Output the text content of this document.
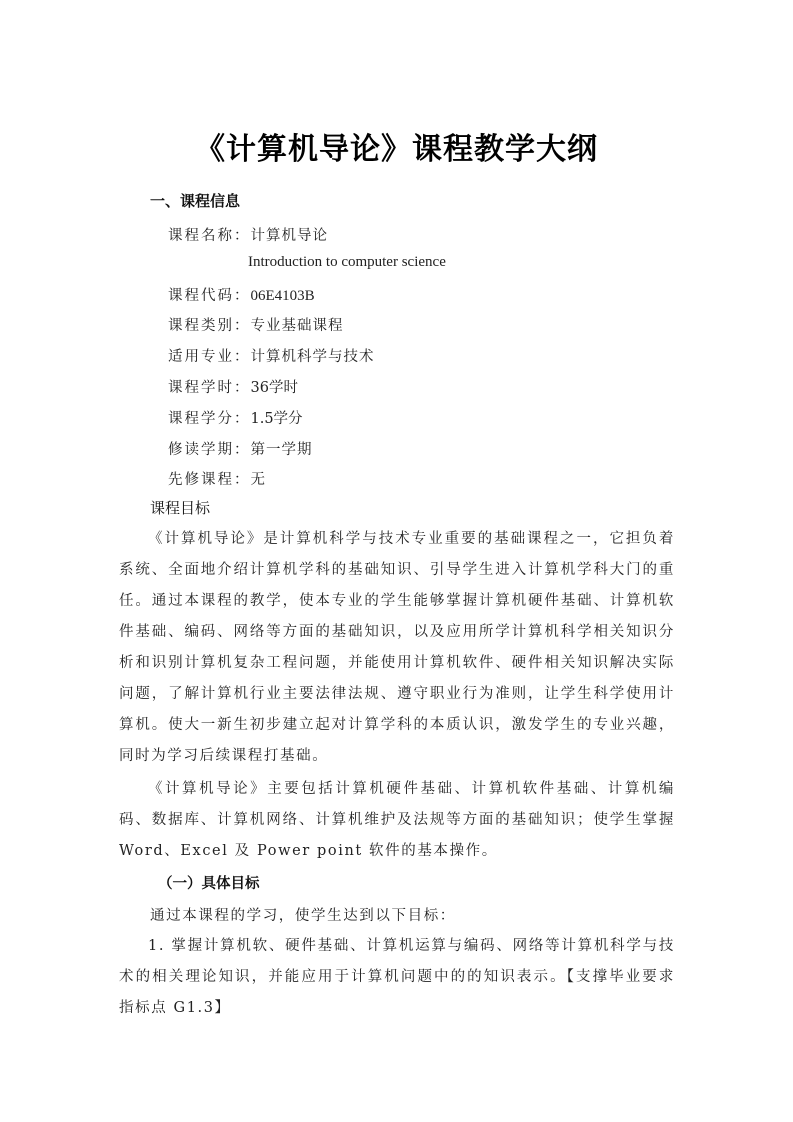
《计算机导论》课程教学大纲
一、课程信息
课程名称：计算机导论
Introduction to computer science
课程代码：06E4103B
课程类别：专业基础课程
适用专业：计算机科学与技术
课程学时：36学时
课程学分：1.5学分
修读学期：第一学期
先修课程：无
课程目标
《计算机导论》是计算机科学与技术专业重要的基础课程之一，它担负着系统、全面地介绍计算机学科的基础知识、引导学生进入计算机学科大门的重任。通过本课程的教学，使本专业的学生能够掌握计算机硬件基础、计算机软件基础、编码、网络等方面的基础知识，以及应用所学计算机科学相关知识分析和识别计算机复杂工程问题，并能使用计算机软件、硬件相关知识解决实际问题，了解计算机行业主要法律法规、遵守职业行为准则，让学生科学使用计算机。使大一新生初步建立起对计算学科的本质认识，激发学生的专业兴趣，同时为学习后续课程打基础。
《计算机导论》主要包括计算机硬件基础、计算机软件基础、计算机编码、数据库、计算机网络、计算机维护及法规等方面的基础知识；使学生掌握 Word、Excel 及 Power point 软件的基本操作。
（一）具体目标
通过本课程的学习，使学生达到以下目标：
1. 掌握计算机软、硬件基础、计算机运算与编码、网络等计算机科学与技术的相关理论知识，并能应用于计算机问题中的的知识表示。【支撑毕业要求指标点 G1.3】
